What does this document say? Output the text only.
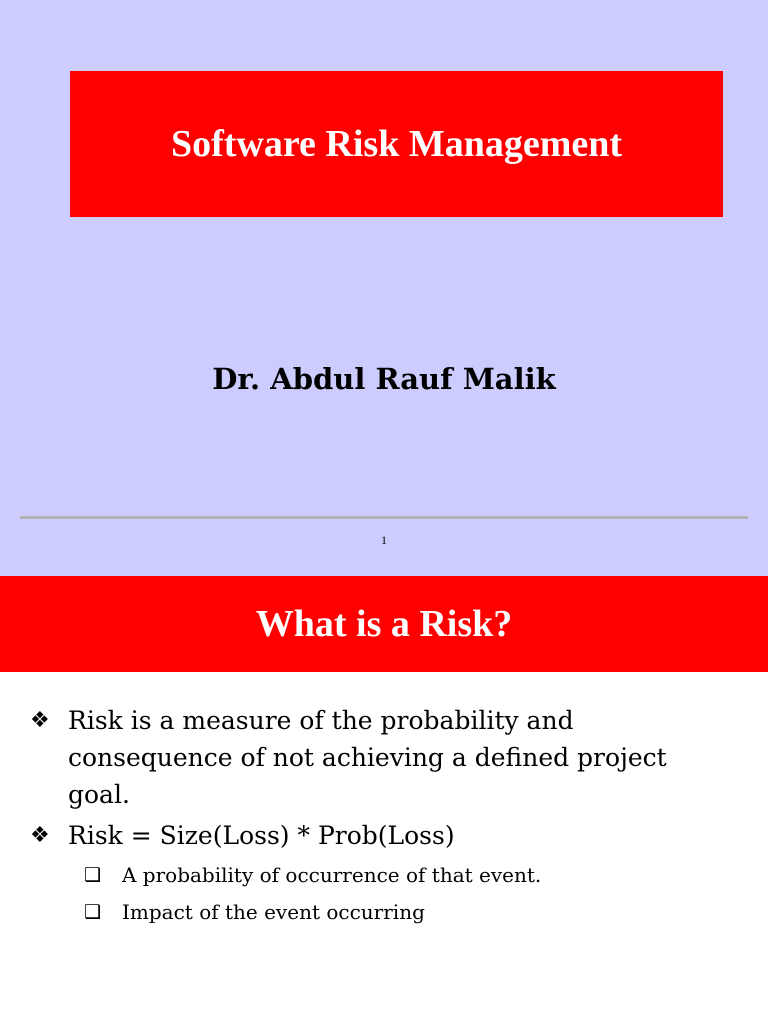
Software Risk Management
Dr. Abdul Rauf Malik
1
What is a Risk?
❖ Risk is a measure of the probability and consequence of not achieving a defined project goal.
❖ Risk = Size(Loss) * Prob(Loss)
❑	A probability of occurrence of that event.
❑	Impact of the event occurring
